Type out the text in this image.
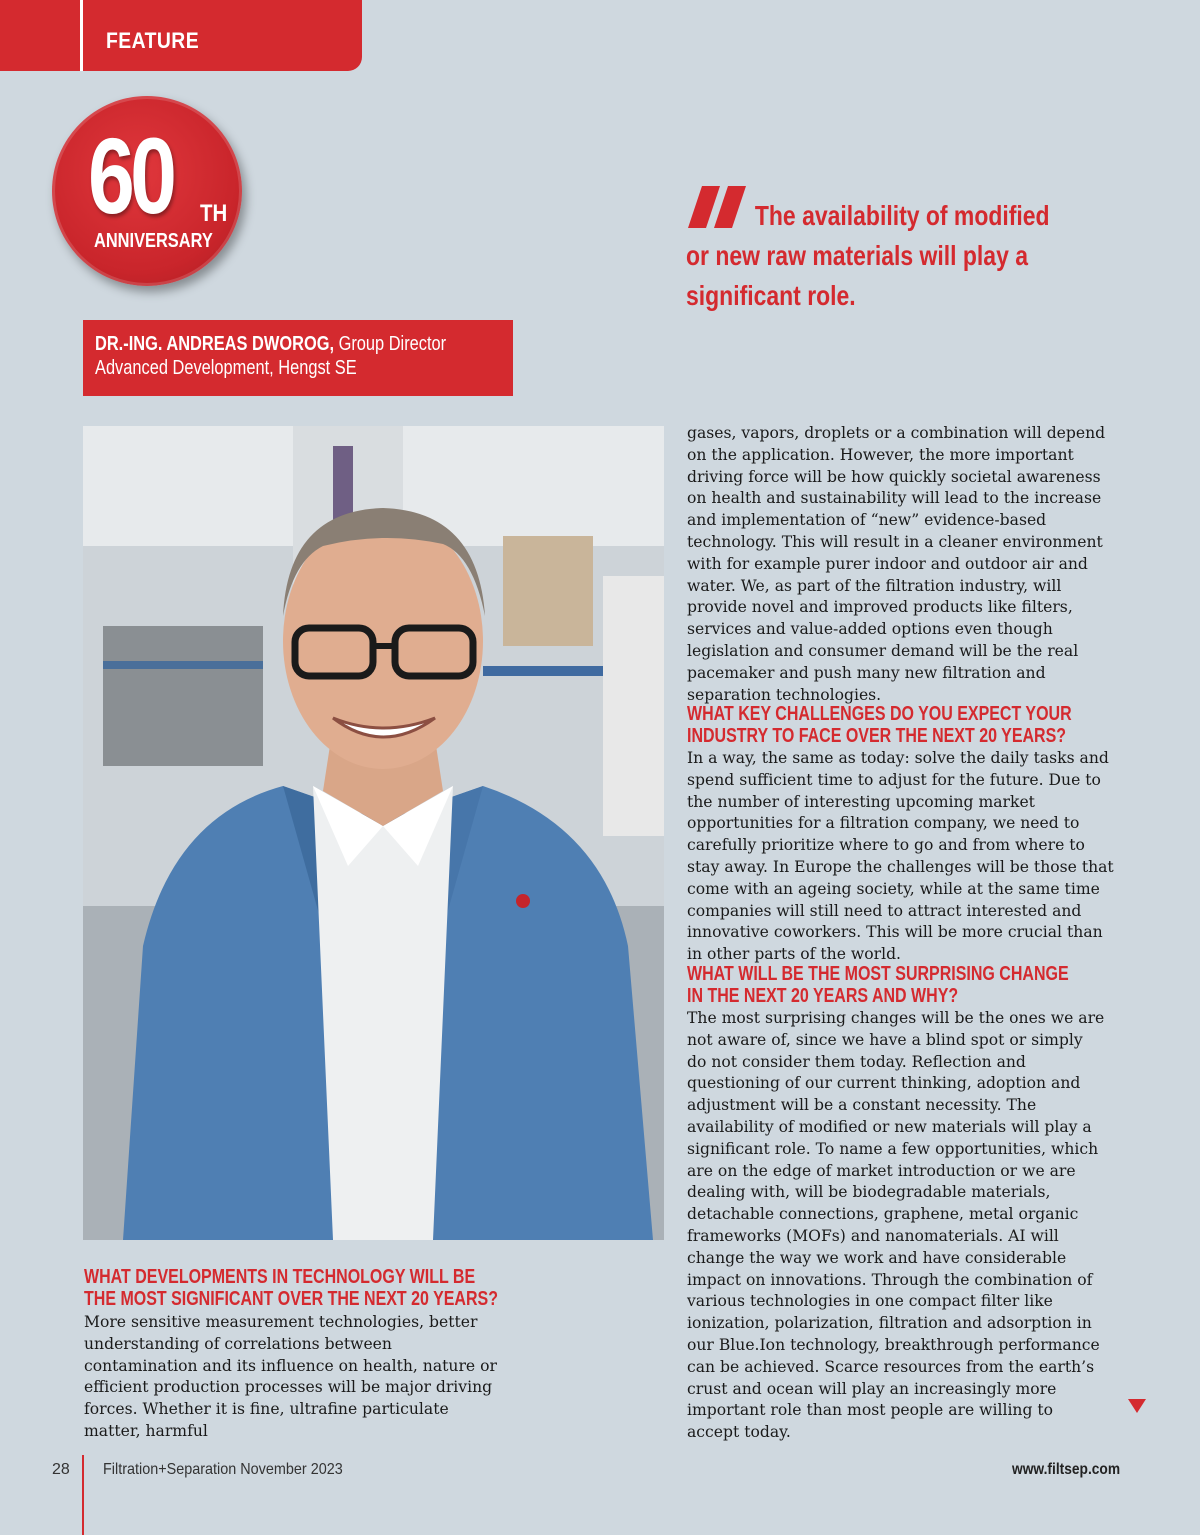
FEATURE
60 TH
ANNIVERSARY
The availability of modified or new raw materials will play a significant role.
DR.-ING. ANDREAS DWOROG, Group Director Advanced Development, Hengst SE
WHAT DEVELOPMENTS IN TECHNOLOGY WILL BE THE MOST SIGNIFICANT OVER THE NEXT 20 YEARS?
More sensitive measurement technologies, better understanding of correlations between contamination and its influence on health, nature or efficient production processes will be major driving forces. Whether it is fine, ultrafine particulate matter, harmful
gases, vapors, droplets or a combination will depend on the application. However, the more important driving force will be how quickly societal awareness on health and sustainability will lead to the increase and implementation of “new” evidence-based technology. This will result in a cleaner environment with for example purer indoor and outdoor air and water. We, as part of the filtration industry, will provide novel and improved products like filters, services and value-added options even though legislation and consumer demand will be the real pacemaker and push many new filtration and separation technologies.
WHAT KEY CHALLENGES DO YOU EXPECT YOUR INDUSTRY TO FACE OVER THE NEXT 20 YEARS?
In a way, the same as today: solve the daily tasks and spend sufficient time to adjust for the future. Due to the number of interesting upcoming market opportunities for a filtration company, we need to carefully prioritize where to go and from where to stay away. In Europe the challenges will be those that come with an ageing society, while at the same time companies will still need to attract interested and innovative coworkers. This will be more crucial than in other parts of the world.
WHAT WILL BE THE MOST SURPRISING CHANGE IN THE NEXT 20 YEARS AND WHY?
The most surprising changes will be the ones we are not aware of, since we have a blind spot or simply do not consider them today. Reflection and questioning of our current thinking, adoption and adjustment will be a constant necessity. The availability of modified or new materials will play a significant role. To name a few opportunities, which are on the edge of market introduction or we are dealing with, will be biodegradable materials, detachable connections, graphene, metal organic frameworks (MOFs) and nanomaterials. AI will change the way we work and have considerable impact on innovations. Through the combination of various technologies in one compact filter like ionization, polarization, filtration and adsorption in our Blue.Ion technology, breakthrough performance can be achieved. Scarce resources from the earth’s crust and ocean will play an increasingly more important role than most people are willing to accept today.
28 Filtration+Separation November 2023	www.filtsep.com
